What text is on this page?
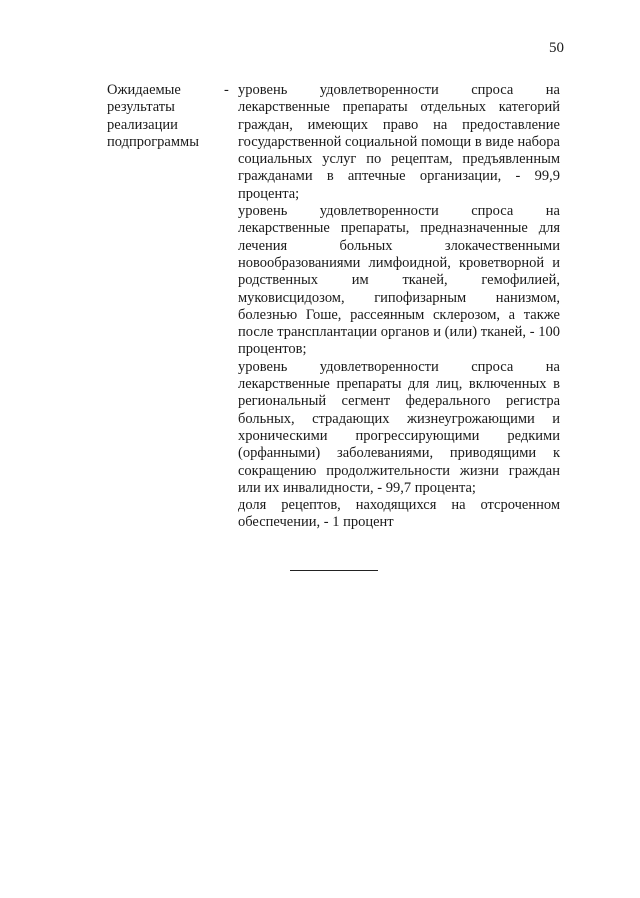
50
Ожидаемые результаты реализации подпрограммы
- уровень удовлетворенности спроса на лекарственные препараты отдельных категорий граждан, имеющих право на предоставление государственной социальной помощи в виде набора социальных услуг по рецептам, предъявленным гражданами в аптечные организации, - 99,9 процента;

уровень удовлетворенности спроса на лекарственные препараты, предназначенные для лечения больных злокачественными новообразованиями лимфоидной, кроветворной и родственных им тканей, гемофилией, муковисцидозом, гипофизарным нанизмом, болезнью Гоше, рассеянным склерозом, а также после трансплантации органов и (или) тканей, - 100 процентов;

уровень удовлетворенности спроса на лекарственные препараты для лиц, включенных в региональный сегмент федерального регистра больных, страдающих жизнеугрожающими и хроническими прогрессирующими редкими (орфанными) заболеваниями, приводящими к сокращению продолжительности жизни граждан или их инвалидности, - 99,7 процента;

доля рецептов, находящихся на отсроченном обеспечении, - 1 процент
